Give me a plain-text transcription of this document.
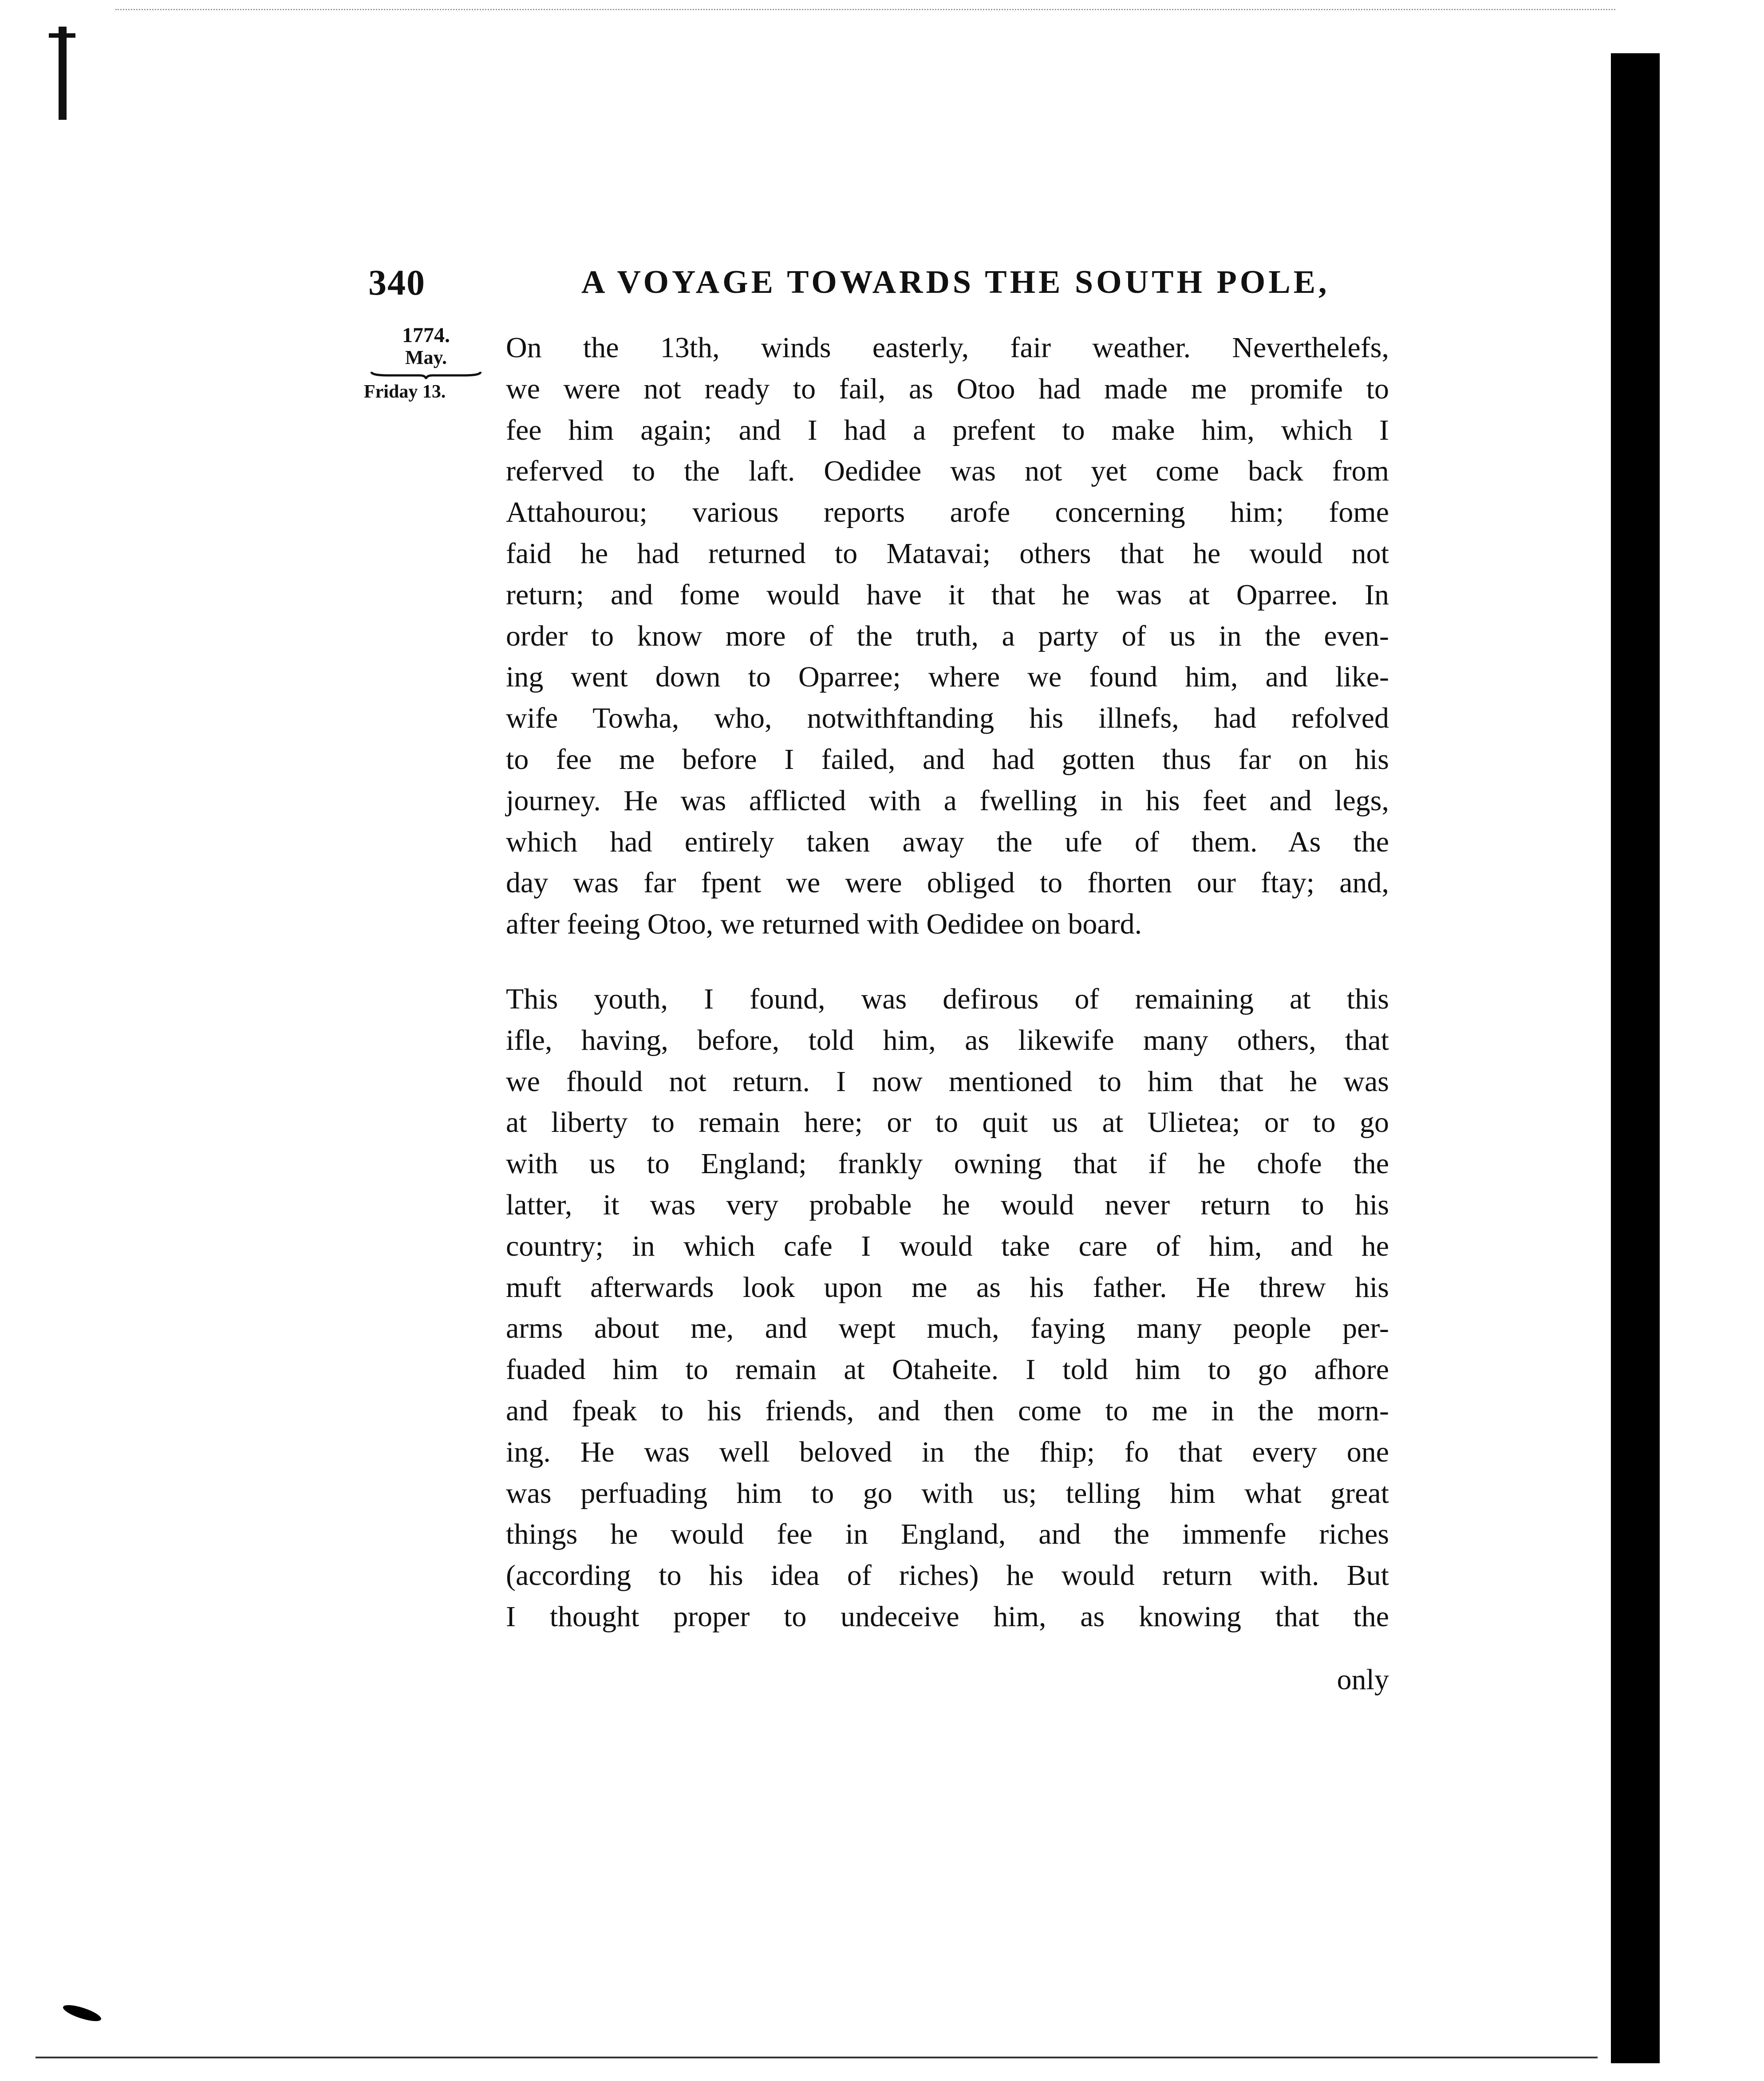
340	A VOYAGE TOWARDS THE SOUTH POLE,
1774.
May.
Friday 13.
On the 13th, winds easterly, fair weather. Neverthelefs,
we were not ready to fail, as Otoo had made me promife to
fee him again; and I had a prefent to make him, which I
referved to the laft. Oedidee was not yet come back from
Attahourou; various reports arofe concerning him; fome
faid he had returned to Matavai; others that he would not
return; and fome would have it that he was at Oparree. In
order to know more of the truth, a party of us in the even-
ing went down to Oparree; where we found him, and like-
wife Towha, who, notwithftanding his illnefs, had refolved
to fee me before I failed, and had gotten thus far on his
journey. He was afflicted with a fwelling in his feet and legs,
which had entirely taken away the ufe of them. As the
day was far fpent we were obliged to fhorten our ftay; and,
after feeing Otoo, we returned with Oedidee on board.
This youth, I found, was defirous of remaining at this
ifle, having, before, told him, as likewife many others, that
we fhould not return. I now mentioned to him that he was
at liberty to remain here; or to quit us at Ulietea; or to go
with us to England; frankly owning that if he chofe the
latter, it was very probable he would never return to his
country; in which cafe I would take care of him, and he
muft afterwards look upon me as his father. He threw his
arms about me, and wept much, faying many people per-
fuaded him to remain at Otaheite. I told him to go afhore
and fpeak to his friends, and then come to me in the morn-
ing. He was well beloved in the fhip; fo that every one
was perfuading him to go with us; telling him what great
things he would fee in England, and the immenfe riches
(according to his idea of riches) he would return with. But
I thought proper to undeceive him, as knowing that the
only
